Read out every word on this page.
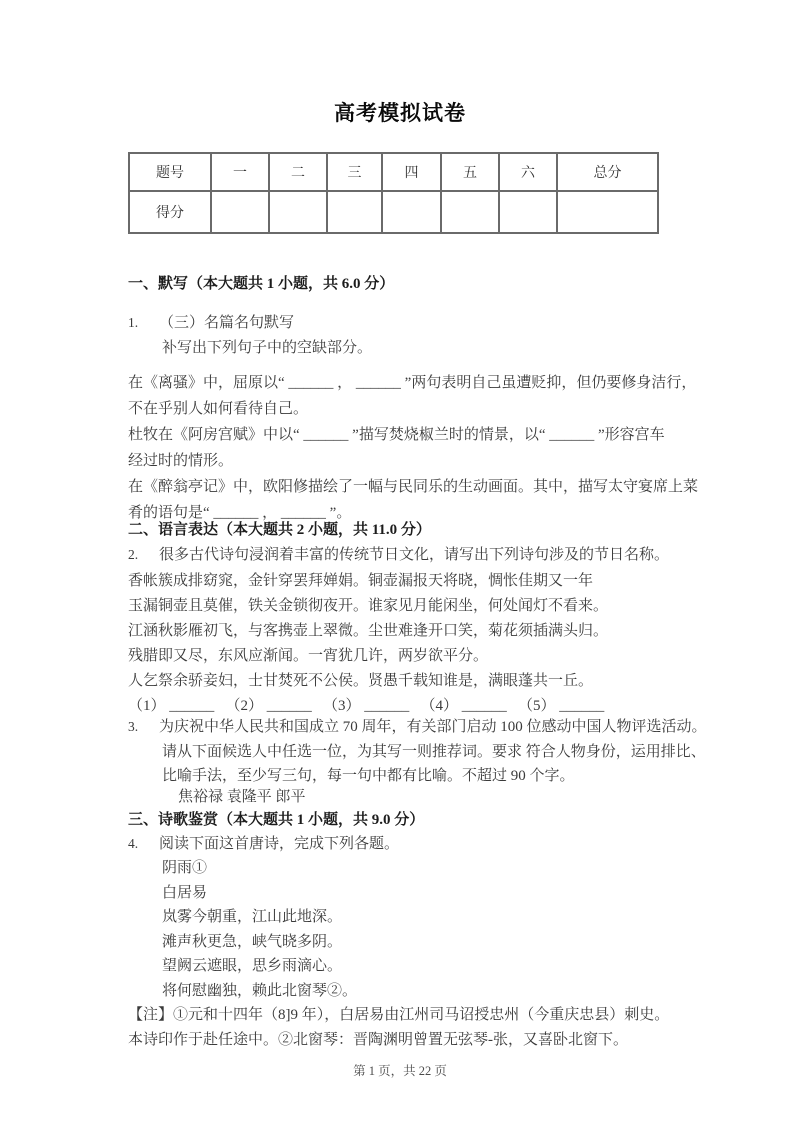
高考模拟试卷
题号	一	二	三	四	五	六	总分
得分							
一、默写（本大题共 1 小题，共 6.0 分）
1.	（三）名篇名句默写
补写出下列句子中的空缺部分。
在《离骚》中，屈原以“ ______ ， ______ ”两句表明自己虽遭贬抑，但仍要修身洁行，
不在乎别人如何看待自己。
杜牧在《阿房宫赋》中以“ ______ ”描写焚烧椒兰时的情景，以“ ______ ”形容宫车
经过时的情形。
在《醉翁亭记》中，欧阳修描绘了一幅与民同乐的生动画面。其中，描写太守宴席上菜
肴的语句是“ ______ ， ______ ”。
二、语言表达（本大题共 2 小题，共 11.0 分）
2.	很多古代诗句浸润着丰富的传统节日文化，请写出下列诗句涉及的节日名称。
香帐簇成排窈窕，金针穿罢拜婵娟。铜壶漏报天将晓，惆怅佳期又一年
玉漏铜壶且莫催，铁关金锁彻夜开。谁家见月能闲坐，何处闻灯不看来。
江涵秋影雁初飞，与客携壶上翠微。尘世难逢开口笑，菊花须插满头归。
残腊即又尽，东风应渐闻。一宵犹几许，两岁欲平分。
人乞祭余骄妾妇，士甘焚死不公侯。贤愚千载知谁是，满眼蓬共一丘。
（1） ______ 　（2） ______ 　（3） ______ 　（4） ______ 　（5） ______
3.	为庆祝中华人民共和国成立 70 周年，有关部门启动 100 位感动中国人物评选活动。
请从下面候选人中任选一位，为其写一则推荐词。要求 符合人物身份，运用排比、
比喻手法，至少写三句，每一句中都有比喻。不超过 90 个字。
焦裕禄 袁隆平 郎平
三、诗歌鉴赏（本大题共 1 小题，共 9.0 分）
4.	阅读下面这首唐诗，完成下列各题。
阴雨①
白居易
岚雾今朝重，江山此地深。
滩声秋更急，峡气晓多阴。
望阙云遮眼，思乡雨滴心。
将何慰幽独，赖此北窗琴②。
【注】①元和十四年（8]9 年），白居易由江州司马诏授忠州（今重庆忠县）刺史。
本诗印作于赴任途中。②北窗琴：晋陶渊明曾置无弦琴-张，又喜卧北窗下。
第 1 页，共 22 页
